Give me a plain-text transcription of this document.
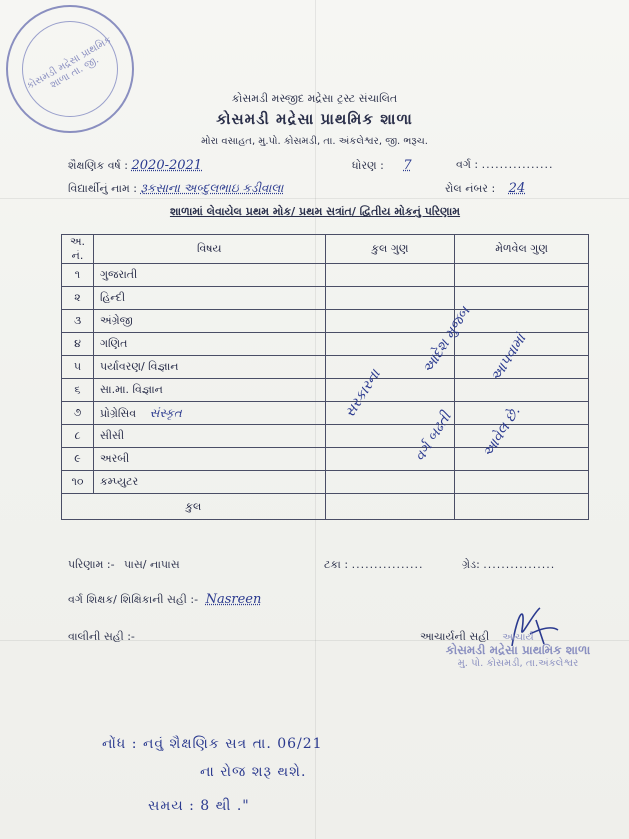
કોસમડી મદ્રેસા પ્રાથમિક શાળા તા. જી.
કોસમડી મસ્જીદ મદ્રેસા ટ્રસ્ટ સંચાલિત
કોસમડી મદ્રેસા પ્રાથમિક શાળા
મોરા વસાહત, મુ.પો. કોસમડી, તા. અંકલેશ્વર, જી. ભરૂચ.
શૈક્ષણિક વર્ષ : 2020-2021	ધોરણ : 7	વર્ગ : ................
વિદ્યાર્થીનું નામ : રૂકસાના અબ્દુલભાઇ કડીવાલા	રોલ નંબર : 24
શાળામાં લેવાયેલ પ્રથમ મોક/ પ્રથમ સત્રાંત/ દ્વિતીય મોકનું પરિણામ
અ. નં.	વિષય	કુલ ગુણ	મેળવેલ ગુણ
૧	ગુજરાતી		
૨	હિન્દી		
૩	અંગ્રેજી		
૪	ગણિત		
૫	પર્યાવરણ/ વિજ્ઞાન		
૬	સા.મા. વિજ્ઞાન		
૭	પ્રોગ્રેસિવ સંસ્કૃત		
૮	સીસી		
૯	અરબી		
૧૦	કમ્પ્યુટર		
કુલ			
સરકારના
આદેશ મુજબ
વર્ગ બઢતી
આપવામાં
આવેલ છે.
પરિણામ :- પાસ/ નાપાસ	ટકા : ................	ગ્રેડ: ................
વર્ગ શિક્ષક/ શિક્ષિકાની સહી :- Nasreen
વાલીની સહી :-	આચાર્યની સહી	આચાર્ય
કોસમડી મદ્રેસા પ્રાથમિક શાળા
મુ. પો. કોસમડી, તા.અંકલેશ્વર
નોંધ : નવું શૈક્ષણિક સત્ર તા. 06/21
ના રોજ શરૂ થશે.
સમય : 8 થી ."
